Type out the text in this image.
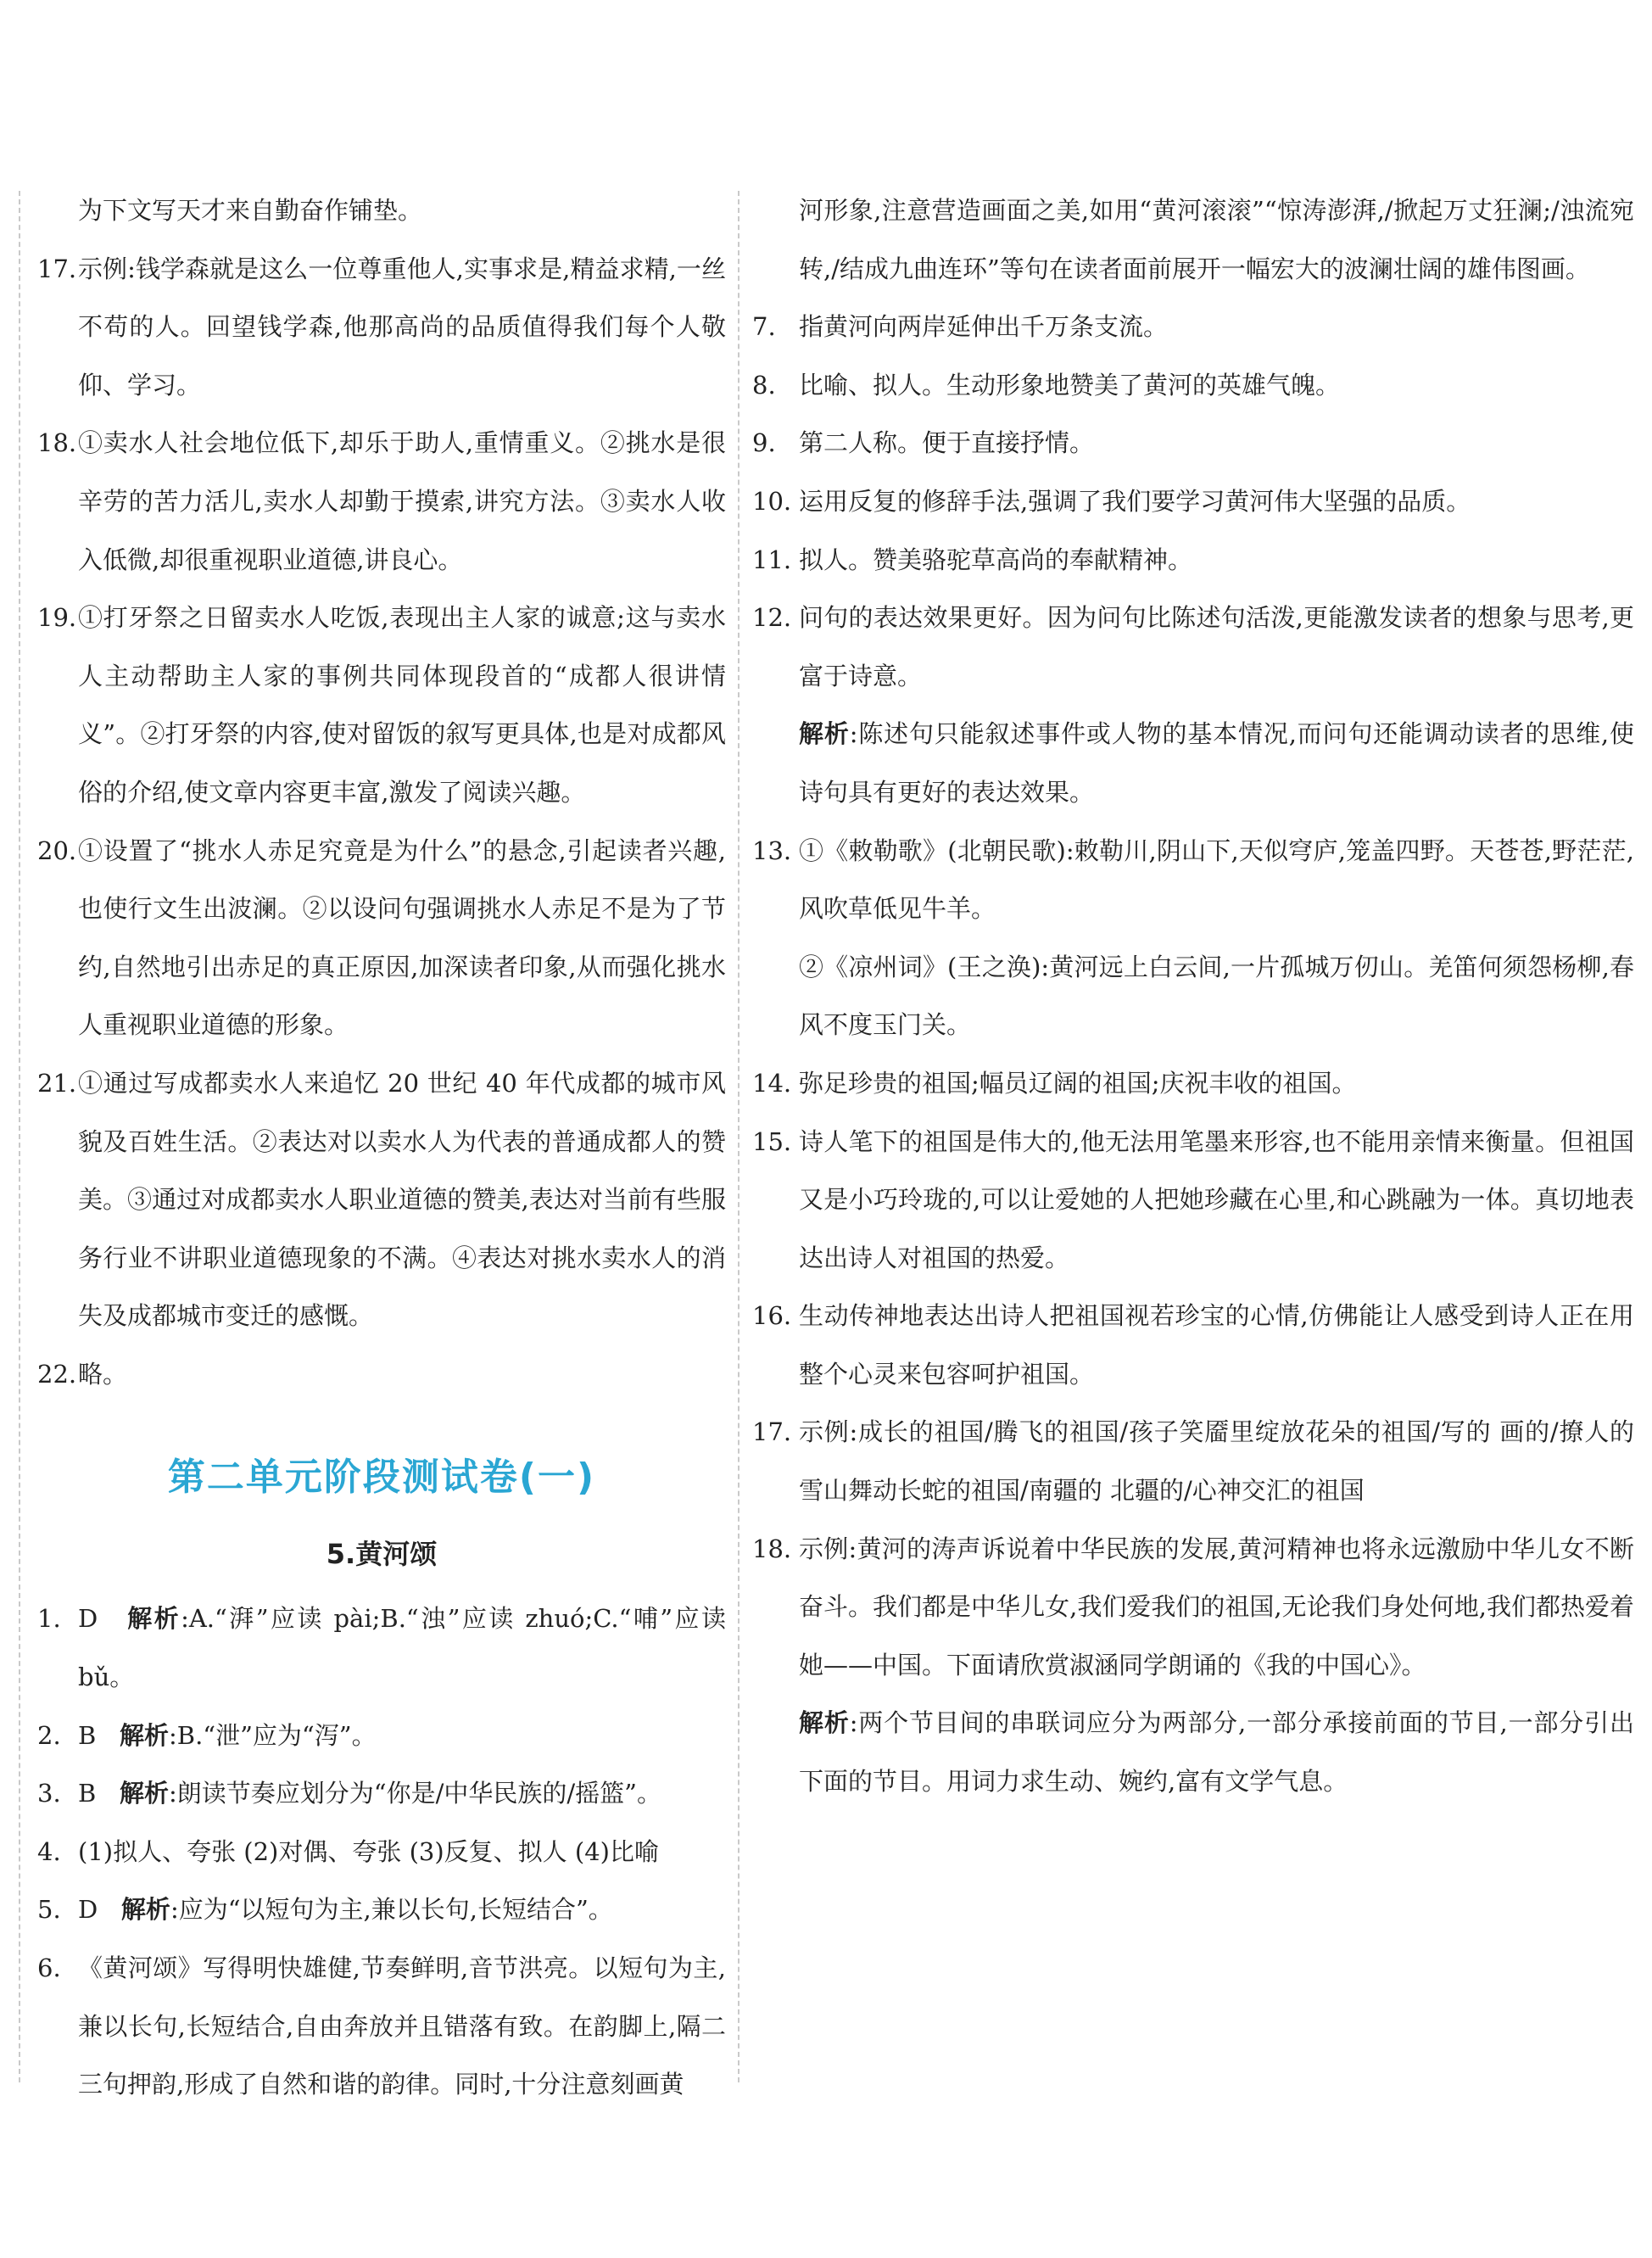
为下文写天才来自勤奋作铺垫。
17. 示例:钱学森就是这么一位尊重他人,实事求是,精益求精,一丝不苟的人。回望钱学森,他那高尚的品质值得我们每个人敬仰、学习。
18. ①卖水人社会地位低下,却乐于助人,重情重义。②挑水是很辛劳的苦力活儿,卖水人却勤于摸索,讲究方法。③卖水人收入低微,却很重视职业道德,讲良心。
19. ①打牙祭之日留卖水人吃饭,表现出主人家的诚意;这与卖水人主动帮助主人家的事例共同体现段首的“成都人很讲情义”。②打牙祭的内容,使对留饭的叙写更具体,也是对成都风俗的介绍,使文章内容更丰富,激发了阅读兴趣。
20. ①设置了“挑水人赤足究竟是为什么”的悬念,引起读者兴趣,也使行文生出波澜。②以设问句强调挑水人赤足不是为了节约,自然地引出赤足的真正原因,加深读者印象,从而强化挑水人重视职业道德的形象。
21. ①通过写成都卖水人来追忆 20 世纪 40 年代成都的城市风貌及百姓生活。②表达对以卖水人为代表的普通成都人的赞美。③通过对成都卖水人职业道德的赞美,表达对当前有些服务行业不讲职业道德现象的不满。④表达对挑水卖水人的消失及成都城市变迁的感慨。
22. 略。
第二单元阶段测试卷(一)
5.黄河颂
1. D 解析:A.“湃”应读 pài;B.“浊”应读 zhuó;C.“哺”应读 bǔ。
2. B 解析:B.“泄”应为“泻”。
3. B 解析:朗读节奏应划分为“你是/中华民族的/摇篮”。
4. (1)拟人、夸张 (2)对偶、夸张 (3)反复、拟人 (4)比喻
5. D 解析:应为“以短句为主,兼以长句,长短结合”。
6. 《黄河颂》写得明快雄健,节奏鲜明,音节洪亮。以短句为主,兼以长句,长短结合,自由奔放并且错落有致。在韵脚上,隔二三句押韵,形成了自然和谐的韵律。同时,十分注意刻画黄
河形象,注意营造画面之美,如用“黄河滚滚”“惊涛澎湃,/掀起万丈狂澜;/浊流宛转,/结成九曲连环”等句在读者面前展开一幅宏大的波澜壮阔的雄伟图画。
7. 指黄河向两岸延伸出千万条支流。
8. 比喻、拟人。生动形象地赞美了黄河的英雄气魄。
9. 第二人称。便于直接抒情。
10. 运用反复的修辞手法,强调了我们要学习黄河伟大坚强的品质。
11. 拟人。赞美骆驼草高尚的奉献精神。
12. 问句的表达效果更好。因为问句比陈述句活泼,更能激发读者的想象与思考,更富于诗意。
解析:陈述句只能叙述事件或人物的基本情况,而问句还能调动读者的思维,使诗句具有更好的表达效果。
13. ①《敕勒歌》(北朝民歌):敕勒川,阴山下,天似穹庐,笼盖四野。天苍苍,野茫茫,风吹草低见牛羊。
②《凉州词》(王之涣):黄河远上白云间,一片孤城万仞山。羌笛何须怨杨柳,春风不度玉门关。
14. 弥足珍贵的祖国;幅员辽阔的祖国;庆祝丰收的祖国。
15. 诗人笔下的祖国是伟大的,他无法用笔墨来形容,也不能用亲情来衡量。但祖国又是小巧玲珑的,可以让爱她的人把她珍藏在心里,和心跳融为一体。真切地表达出诗人对祖国的热爱。
16. 生动传神地表达出诗人把祖国视若珍宝的心情,仿佛能让人感受到诗人正在用整个心灵来包容呵护祖国。
17. 示例:成长的祖国/腾飞的祖国/孩子笑靥里绽放花朵的祖国/写的 画的/撩人的雪山舞动长蛇的祖国/南疆的 北疆的/心神交汇的祖国
18. 示例:黄河的涛声诉说着中华民族的发展,黄河精神也将永远激励中华儿女不断奋斗。我们都是中华儿女,我们爱我们的祖国,无论我们身处何地,我们都热爱着她——中国。下面请欣赏淑涵同学朗诵的《我的中国心》。
解析:两个节目间的串联词应分为两部分,一部分承接前面的节目,一部分引出下面的节目。用词力求生动、婉约,富有文学气息。
